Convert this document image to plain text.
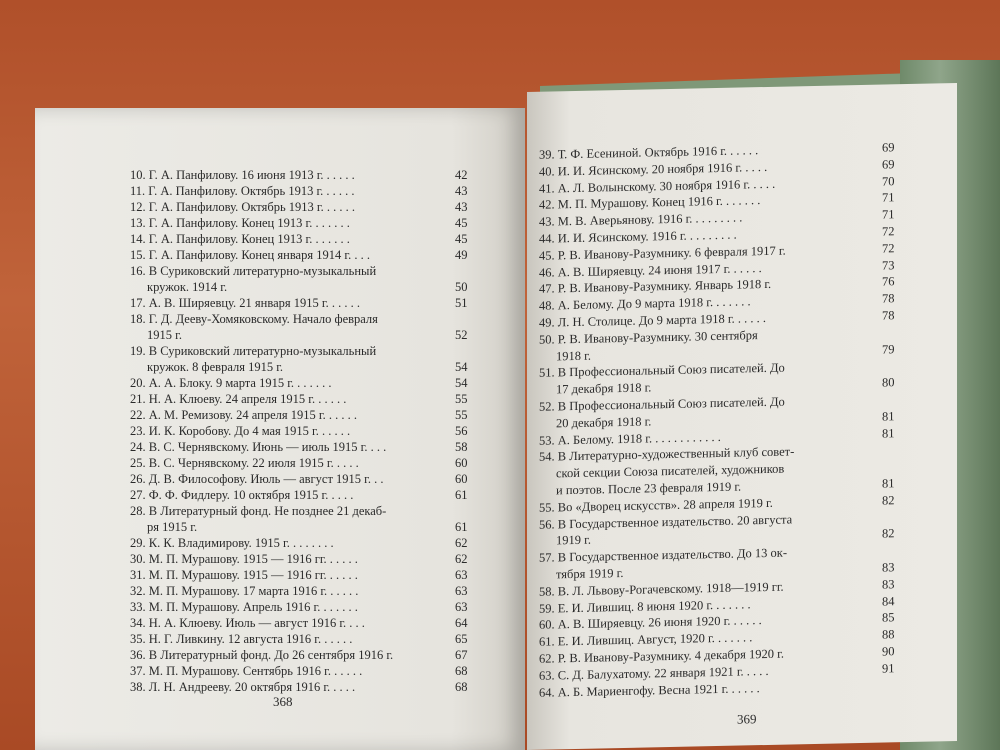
10. Г. А. Панфилову. 16 июня 1913 г. . . . . .	42
11. Г. А. Панфилову. Октябрь 1913 г. . . . . .	43
12. Г. А. Панфилову. Октябрь 1913 г. . . . . .	43
13. Г. А. Панфилову. Конец 1913 г. . . . . . .	45
14. Г. А. Панфилову. Конец 1913 г. . . . . . .	45
15. Г. А. Панфилову. Конец января 1914 г. . . .	49
16. В Суриковский литературно-музыкальный
кружок. 1914 г.	50
17. А. В. Ширяевцу. 21 января 1915 г. . . . . .	51
18. Г. Д. Дееву-Хомяковскому. Начало февраля
1915 г.	52
19. В Суриковский литературно-музыкальный
кружок. 8 февраля 1915 г.	54
20. А. А. Блоку. 9 марта 1915 г. . . . . . .	54
21. Н. А. Клюеву. 24 апреля 1915 г. . . . . .	55
22. А. М. Ремизову. 24 апреля 1915 г. . . . . .	55
23. И. К. Коробову. До 4 мая 1915 г. . . . . .	56
24. В. С. Чернявскому. Июнь — июль 1915 г. . . .	58
25. В. С. Чернявскому. 22 июля 1915 г. . . . .	60
26. Д. В. Философову. Июль — август 1915 г. . .	60
27. Ф. Ф. Фидлеру. 10 октября 1915 г. . . . .	61
28. В Литературный фонд. Не позднее 21 декаб-
ря 1915 г.	61
29. К. К. Владимирову. 1915 г. . . . . . . .	62
30. М. П. Мурашову. 1915 — 1916 гг. . . . . .	62
31. М. П. Мурашову. 1915 — 1916 гг. . . . . .	63
32. М. П. Мурашову. 17 марта 1916 г. . . . . .	63
33. М. П. Мурашову. Апрель 1916 г. . . . . . .	63
34. Н. А. Клюеву. Июль — август 1916 г. . . .	64
35. Н. Г. Ливкину. 12 августа 1916 г. . . . . .	65
36. В Литературный фонд. До 26 сентября 1916 г.	67
37. М. П. Мурашову. Сентябрь 1916 г. . . . . .	68
38. Л. Н. Андрееву. 20 октября 1916 г. . . . .	68
368
39. Т. Ф. Есениной. Октябрь 1916 г. . . . . .	69
40. И. И. Ясинскому. 20 ноября 1916 г. . . . .	69
41. А. Л. Волынскому. 30 ноября 1916 г. . . . .	70
42. М. П. Мурашову. Конец 1916 г. . . . . . .	71
43. М. В. Аверьянову. 1916 г. . . . . . . . .	71
44. И. И. Ясинскому. 1916 г. . . . . . . . .	72
45. Р. В. Иванову-Разумнику. 6 февраля 1917 г.	72
46. А. В. Ширяевцу. 24 июня 1917 г. . . . . .	73
47. Р. В. Иванову-Разумнику. Январь 1918 г.	76
48. А. Белому. До 9 марта 1918 г. . . . . . .	78
49. Л. Н. Столице. До 9 марта 1918 г. . . . . .	78
50. Р. В. Иванову-Разумнику. 30 сентября
1918 г.	79
51. В Профессиональный Союз писателей. До
17 декабря 1918 г.	80
52. В Профессиональный Союз писателей. До
20 декабря 1918 г.	81
53. А. Белому. 1918 г. . . . . . . . . . . .	81
54. В Литературно-художественный клуб совет-
ской секции Союза писателей, художников
и поэтов. После 23 февраля 1919 г.	81
55. Во «Дворец искусств». 28 апреля 1919 г.	82
56. В Государственное издательство. 20 августа
1919 г.	82
57. В Государственное издательство. До 13 ок-
тября 1919 г.	83
58. В. Л. Львову-Рогачевскому. 1918—1919 гг.	83
59. Е. И. Лившиц. 8 июня 1920 г. . . . . . .	84
60. А. В. Ширяевцу. 26 июня 1920 г. . . . . .	85
61. Е. И. Лившиц. Август, 1920 г. . . . . . .	88
62. Р. В. Иванову-Разумнику. 4 декабря 1920 г.	90
63. С. Д. Балухатому. 22 января 1921 г. . . . .	91
64. А. Б. Мариенгофу. Весна 1921 г. . . . . .
369
